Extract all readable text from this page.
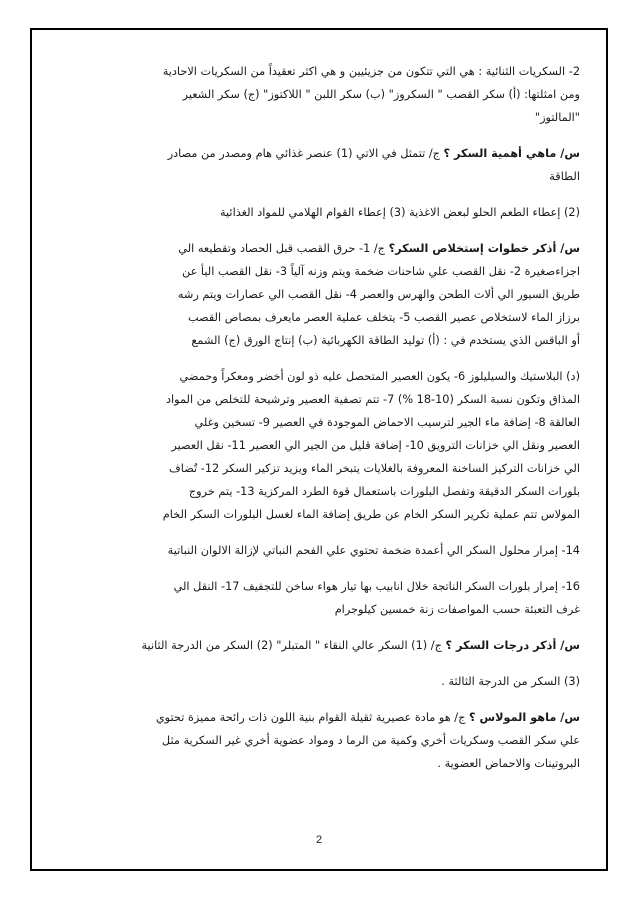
2- السكريات الثنائية : هي التي تتكون من جزيئيين و هي اكثر تعقيداً من السكريات الاحادية
ومن امثلتها: (أ) سكر القصب " السكروز" (ب) سكر اللبن " اللاكتوز" (ج) سكر الشعير
"المالتوز"
س/ ماهي أهمية السكر ؟ ج/ تتمثل في الاتي (1) عنصر غذائي هام ومصدر من مصادر
الطاقة
(2) إعطاء الطعم الحلو لبعض الاغذية (3) إعطاء القوام الهلامي للمواد الغذائية
س/ أذكر خطوات إستخلاص السكر؟ ج/ 1- حرق القصب قبل الحصاد وتقطيعه الي
اجزاءصغيرة 2- نقل القصب علي شاحنات ضخمة ويتم وزنه آلياً 3- نقل القصب اليأ عن
طريق السيور الي ألات الطحن والهرس والعصر 4- نقل القصب الي عصارات ويتم رشه
برزاز الماء لاستخلاص عصير القصب 5- يتخلف عملية العصر مايعرف بمصاص القصب
أو الباقس الذي يستخدم في : (أ) توليد الطاقة الكهربائية (ب) إنتاج الورق (ج) الشمع
(د) البلاستيك والسيليلوز 6- يكون العصير المتحصل عليه ذو لون أخضر ومعكراً وحمضي
المذاق وتكون نسبة السكر (10-18 %) 7- تتم تصفية العصير وترشيحة للتخلص من المواد
العالقة 8- إضافة ماء الجير لترسيب الاحماض الموجودة في العصير 9- تسخين وغلي
العصير ونقل الي خزانات الترويق 10- إضافة قليل من الجير الي العصير 11- نقل العصير
الي خزانات التركيز الساخنة المعروفة بالغلايات يتبخر الماء ويزيد تزكير السكر 12- تُضاف
بلورات السكر الدقيقة وتفصل البلورات باستعمال قوة الطرد المركزية 13- يتم خروج
المولاس تتم عملية تكرير السكر الخام عن طريق إضافة الماء لغسل البلورات السكر الخام
14- إمرار محلول السكر الي أعمدة ضخمة تحتوي علي الفحم النباتي لإزالة الالوان النباتية
16- إمرار بلورات السكر الناتجة خلال انابيب بها تيار هواء ساخن للتجفيف 17- النقل الي
غرف التعبئة حسب المواصفات زنة خمسين كيلوجرام
س/ أذكر درجات السكر ؟ ج/ (1) السكر عالي النقاء " المتبلر" (2) السكر من الدرجة الثانية
(3) السكر من الدرجة الثالثة .
س/ ماهو المولاس ؟ ج/ هو مادة عصيرية ثقيلة القوام بنية اللون ذات رائحة مميزة تحتوي
علي سكر القصب وسكريات أخري وكمية من الرما د ومواد عضوية أخري غير السكرية مثل
البروتينات والاحماض العضوية .
2
